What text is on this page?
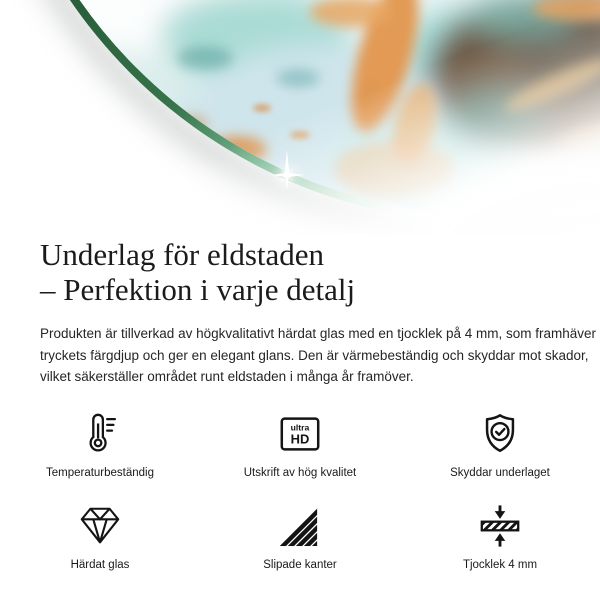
Underlag för eldstaden
– Perfektion i varje detalj
Produkten är tillverkad av högkvalitativt härdat glas med en tjocklek på 4 mm, som framhäver
tryckets färgdjup och ger en elegant glans. Den är värmebeständig och skyddar mot skador,
vilket säkerställer området runt eldstaden i många år framöver.
Temperaturbeständig
ultra
HD
Utskrift av hög kvalitet	Skyddar underlaget
Härdat glas	Slipade kanter	Tjocklek 4 mm
